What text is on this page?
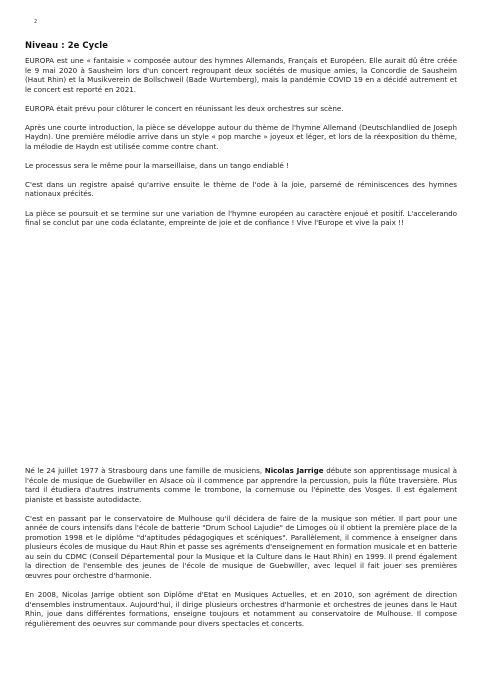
2
Niveau : 2e Cycle

EUROPA est une « fantaisie » composée autour des hymnes Allemands, Français et Européen. Elle aurait dû être créée le 9 mai 2020 à Sausheim lors d'un concert regroupant deux sociétés de musique amies, la Concordie de Sausheim (Haut Rhin) et la Musikverein de Bollschweil (Bade Wurtemberg), mais la pandémie COVID 19 en a décidé autrement et le concert est reporté en 2021.

EUROPA était prévu pour clôturer le concert en réunissant les deux orchestres sur scène.

Après une courte introduction, la pièce se développe autour du thème de l'hymne Allemand (Deutschlandlied de Joseph Haydn). Une première mélodie arrive dans un style « pop marche » joyeux et léger, et lors de la réexposition du thème, la mélodie de Haydn est utilisée comme contre chant.

Le processus sera le même pour la marseillaise, dans un tango endiablé !

C'est dans un registre apaisé qu'arrive ensuite le thème de l'ode à la joie, parsemé de réminiscences des hymnes nationaux précités.

La pièce se poursuit et se termine sur une variation de l'hymne européen au caractère enjoué et positif. L'accelerando final se conclut par une coda éclatante, empreinte de joie et de confiance ! Vive l'Europe et vive la paix !!

Né le 24 juillet 1977 à Strasbourg dans une famille de musiciens, Nicolas Jarrige débute son apprentissage musical à l'école de musique de Guebwiller en Alsace où il commence par apprendre la percussion, puis la flûte traversière. Plus tard il étudiera d'autres instruments comme le trombone, la cornemuse ou l'épinette des Vosges. Il est également pianiste et bassiste autodidacte.

C'est en passant par le conservatoire de Mulhouse qu'il décidera de faire de la musique son métier. Il part pour une année de cours intensifs dans l'école de batterie "Drum School Lajudie" de Limoges où il obtient la première place de la promotion 1998 et le diplôme "d'aptitudes pédagogiques et scéniques". Parallèlement, il commence à enseigner dans plusieurs écoles de musique du Haut Rhin et passe ses agréments d'enseignement en formation musicale et en batterie au sein du CDMC (Conseil Départemental pour la Musique et la Culture dans le Haut Rhin) en 1999. Il prend également la direction de l'ensemble des jeunes de l'école de musique de Guebwiller, avec lequel il fait jouer ses premières œuvres pour orchestre d'harmonie.

En 2008, Nicolas Jarrige obtient son Diplôme d'Etat en Musiques Actuelles, et en 2010, son agrément de direction d'ensembles instrumentaux. Aujourd'hui, il dirige plusieurs orchestres d'harmonie et orchestres de jeunes dans le Haut Rhin, joue dans différentes formations, enseigne toujours et notamment au conservatoire de Mulhouse. Il compose régulièrement des oeuvres sur commande pour divers spectacles et concerts.
